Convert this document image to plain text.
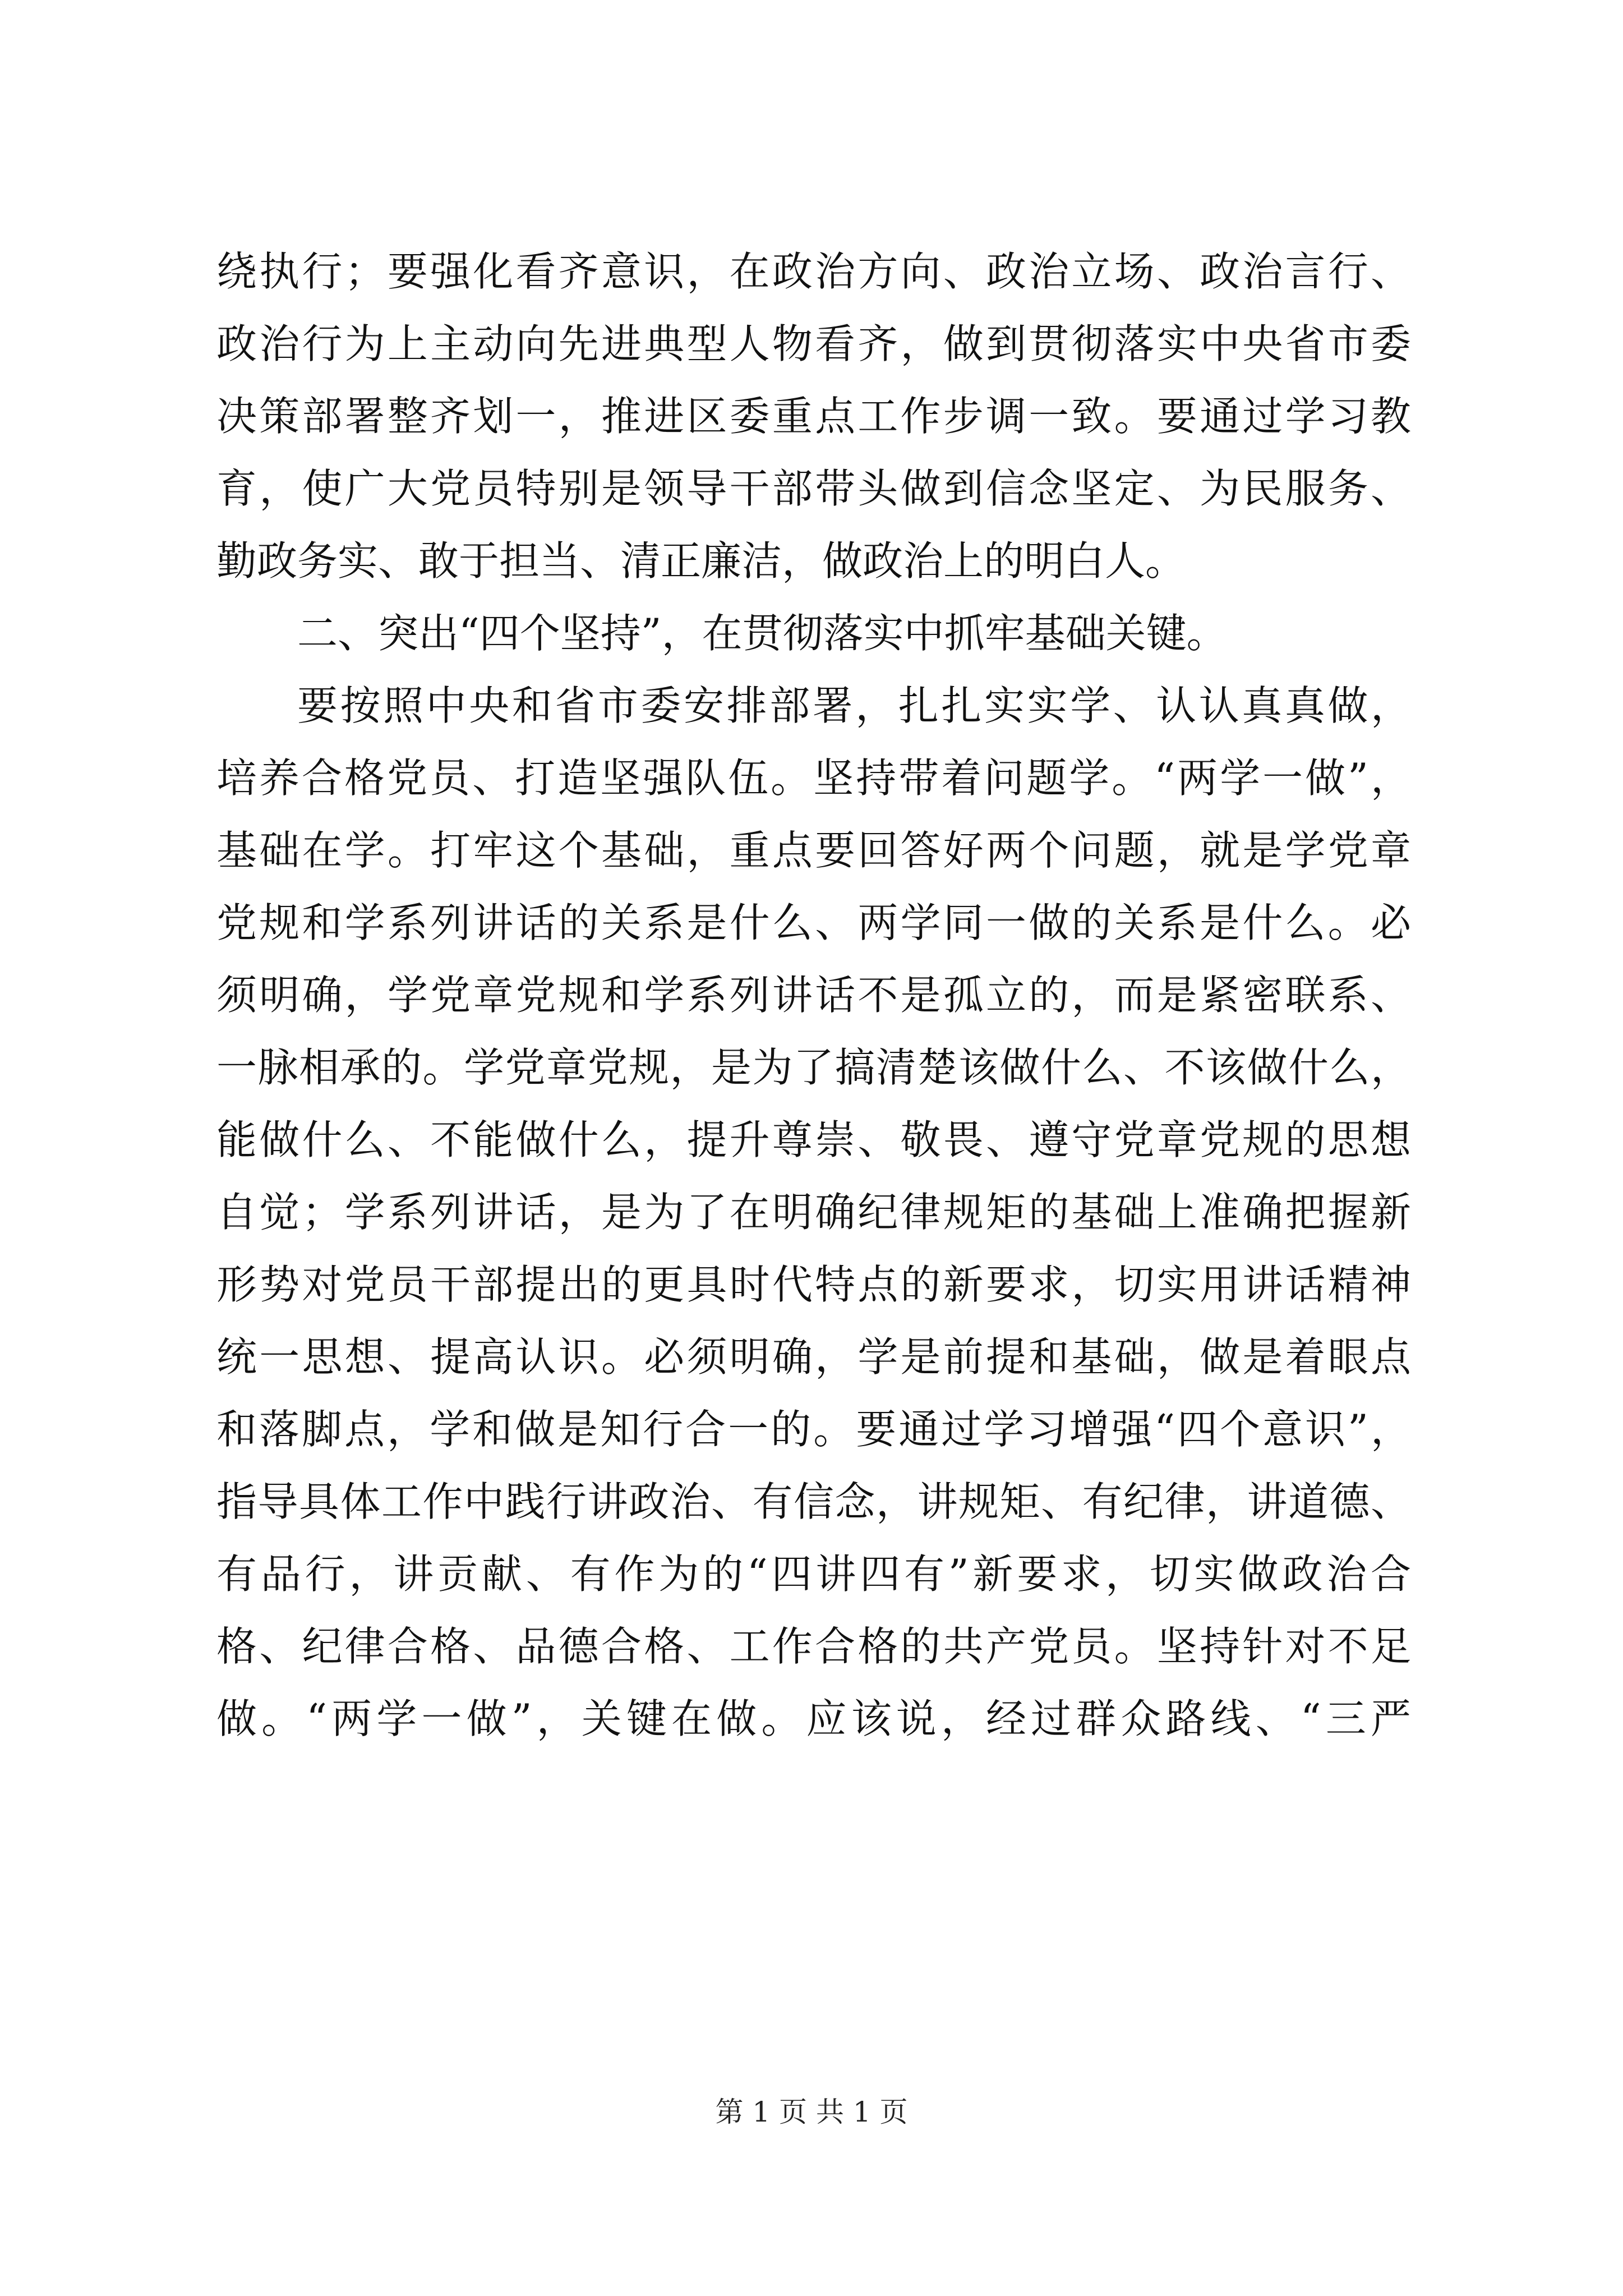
绕执行；要强化看齐意识，在政治方向、政治立场、政治言行、
政治行为上主动向先进典型人物看齐，做到贯彻落实中央省市委
决策部署整齐划一，推进区委重点工作步调一致。要通过学习教
育，使广大党员特别是领导干部带头做到信念坚定、为民服务、
勤政务实、敢于担当、清正廉洁，做政治上的明白人。
二、突出“四个坚持”，在贯彻落实中抓牢基础关键。
要按照中央和省市委安排部署，扎扎实实学、认认真真做，
培养合格党员、打造坚强队伍。坚持带着问题学。“两学一做”，
基础在学。打牢这个基础，重点要回答好两个问题，就是学党章
党规和学系列讲话的关系是什么、两学同一做的关系是什么。必
须明确，学党章党规和学系列讲话不是孤立的，而是紧密联系、
一脉相承的。学党章党规，是为了搞清楚该做什么、不该做什么，
能做什么、不能做什么，提升尊崇、敬畏、遵守党章党规的思想
自觉；学系列讲话，是为了在明确纪律规矩的基础上准确把握新
形势对党员干部提出的更具时代特点的新要求，切实用讲话精神
统一思想、提高认识。必须明确，学是前提和基础，做是着眼点
和落脚点，学和做是知行合一的。要通过学习增强“四个意识”，
指导具体工作中践行讲政治、有信念，讲规矩、有纪律，讲道德、
有品行，讲贡献、有作为的“四讲四有”新要求，切实做政治合
格、纪律合格、品德合格、工作合格的共产党员。坚持针对不足
做。“两学一做”，关键在做。应该说，经过群众路线、“三严
第 1 页 共 1 页
